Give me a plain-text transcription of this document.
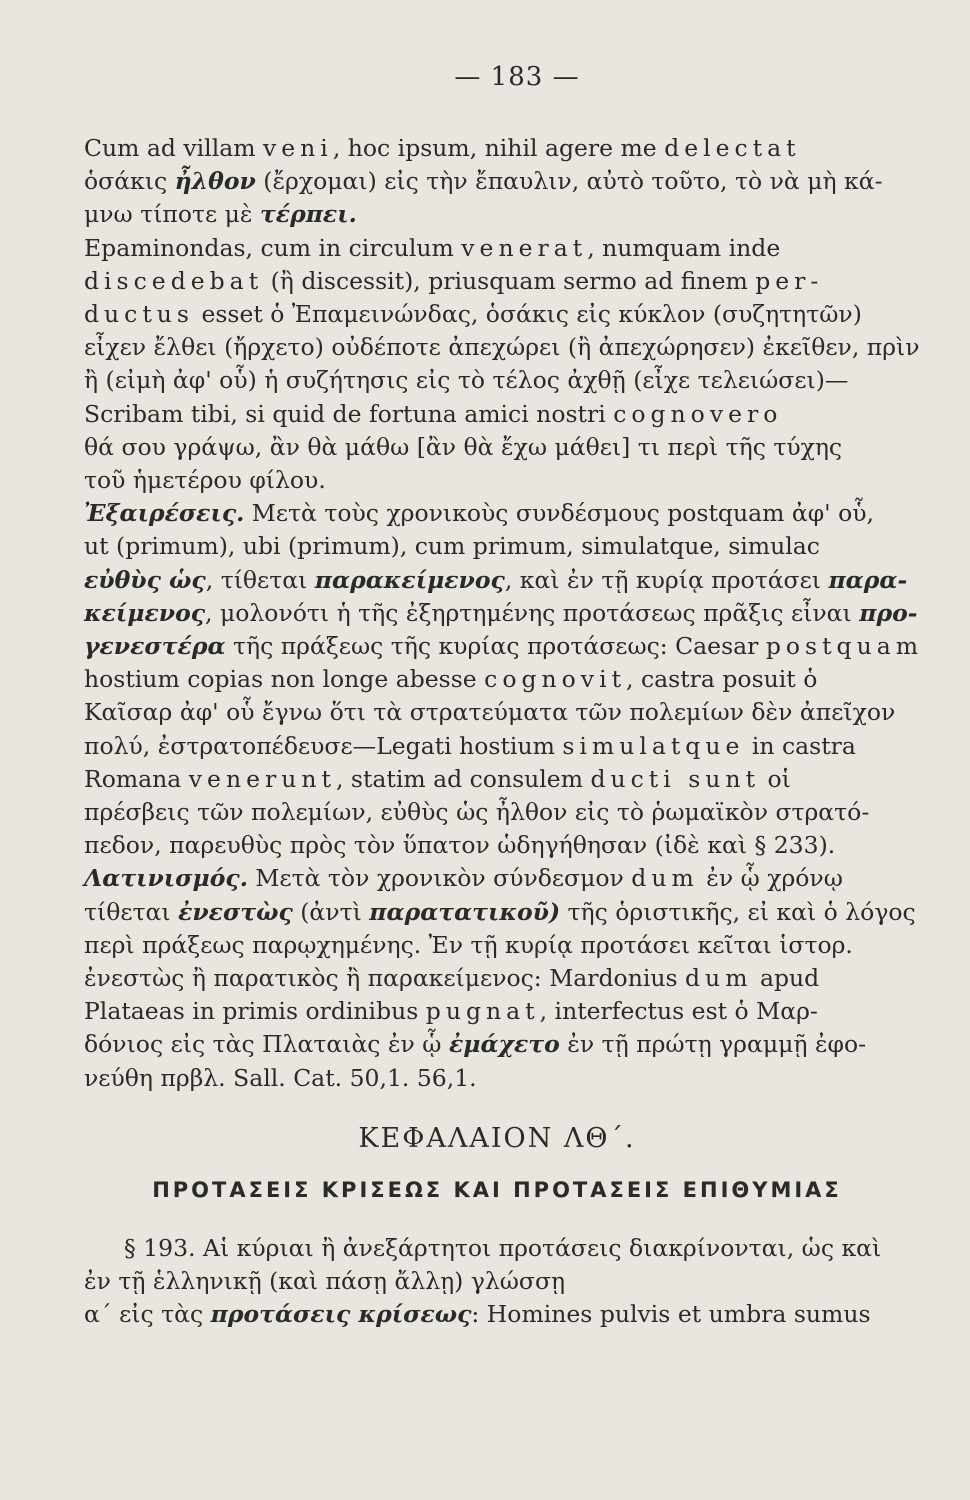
— 183 —
Cum ad villam veni, hoc ipsum, nihil agere me delectat
ὁσάκις ἦλθον (ἔρχομαι) εἰς τὴν ἔπαυλιν, αὐτὸ τοῦτο, τὸ νὰ μὴ κά-
μνω τίποτε μὲ τέρπει.
Epaminondas, cum in circulum venerat, numquam inde
discedebat (ἢ discessit), priusquam sermo ad finem per-
ductus esset ὁ Ἐπαμεινώνδας, ὁσάκις εἰς κύκλον (συζητητῶν)
εἶχεν ἔλθει (ἤρχετο) οὐδέποτε ἀπεχώρει (ἢ ἀπεχώρησεν) ἐκεῖθεν, πρὶν
ἢ (εἰμὴ ἀφ' οὗ) ἡ συζήτησις εἰς τὸ τέλος ἀχθῇ (εἶχε τελειώσει)—
Scribam tibi, si quid de fortuna amici nostri cognovero
θά σου γράψω, ἂν θὰ μάθω [ἂν θὰ ἔχω μάθει] τι περὶ τῆς τύχης
τοῦ ἡμετέρου φίλου.
Ἐξαιρέσεις. Μετὰ τοὺς χρονικοὺς συνδέσμους postquam ἀφ' οὗ,
ut (primum), ubi (primum), cum primum, simulatque, simulac
εὐθὺς ὡς, τίθεται παρακείμενος, καὶ ἐν τῇ κυρίᾳ προτάσει παρα-
κείμενος, μολονότι ἡ τῆς ἐξηρτημένης προτάσεως πρᾶξις εἶναι προ-
γενεστέρα τῆς πράξεως τῆς κυρίας προτάσεως: Caesar postquam
hostium copias non longe abesse cognovit, castra posuit ὁ
Καῖσαρ ἀφ' οὗ ἔγνω ὅτι τὰ στρατεύματα τῶν πολεμίων δὲν ἀπεῖχον
πολύ, ἐστρατοπέδευσε—Legati hostium simulatque in castra
Romana venerunt, statim ad consulem ducti sunt οἱ
πρέσβεις τῶν πολεμίων, εὐθὺς ὡς ἦλθον εἰς τὸ ῥωμαϊκὸν στρατό-
πεδον, παρευθὺς πρὸς τὸν ὕπατον ὡδηγήθησαν (ἰδὲ καὶ § 233).
Λατινισμός. Μετὰ τὸν χρονικὸν σύνδεσμον dum ἐν ᾧ χρόνῳ
τίθεται ἐνεστὼς (ἀντὶ παρατατικοῦ) τῆς ὁριστικῆς, εἰ καὶ ὁ λόγος
περὶ πράξεως παρῳχημένης. Ἐν τῇ κυρίᾳ προτάσει κεῖται ἱστορ.
ἐνεστὼς ἢ παρατικὸς ἢ παρακείμενος: Mardonius dum apud
Plataeas in primis ordinibus pugnat, interfectus est ὁ Μαρ-
δόνιος εἰς τὰς Πλαταιὰς ἐν ᾧ ἐμάχετο ἐν τῇ πρώτῃ γραμμῇ ἐφο-
νεύθη πρβλ. Sall. Cat. 50,1. 56,1.
ΚΕΦΑΛΑΙΟΝ ΛΘ΄.
ΠΡΟΤΑΣΕΙΣ ΚΡΙΣΕΩΣ ΚΑΙ ΠΡΟΤΑΣΕΙΣ ΕΠΙΘΥΜΙΑΣ
§ 193. Αἱ κύριαι ἢ ἀνεξάρτητοι προτάσεις διακρίνονται, ὡς καὶ
ἐν τῇ ἑλληνικῇ (καὶ πάσῃ ἄλλῃ) γλώσσῃ
α΄ εἰς τὰς προτάσεις κρίσεως: Homines pulvis et umbra sumus
